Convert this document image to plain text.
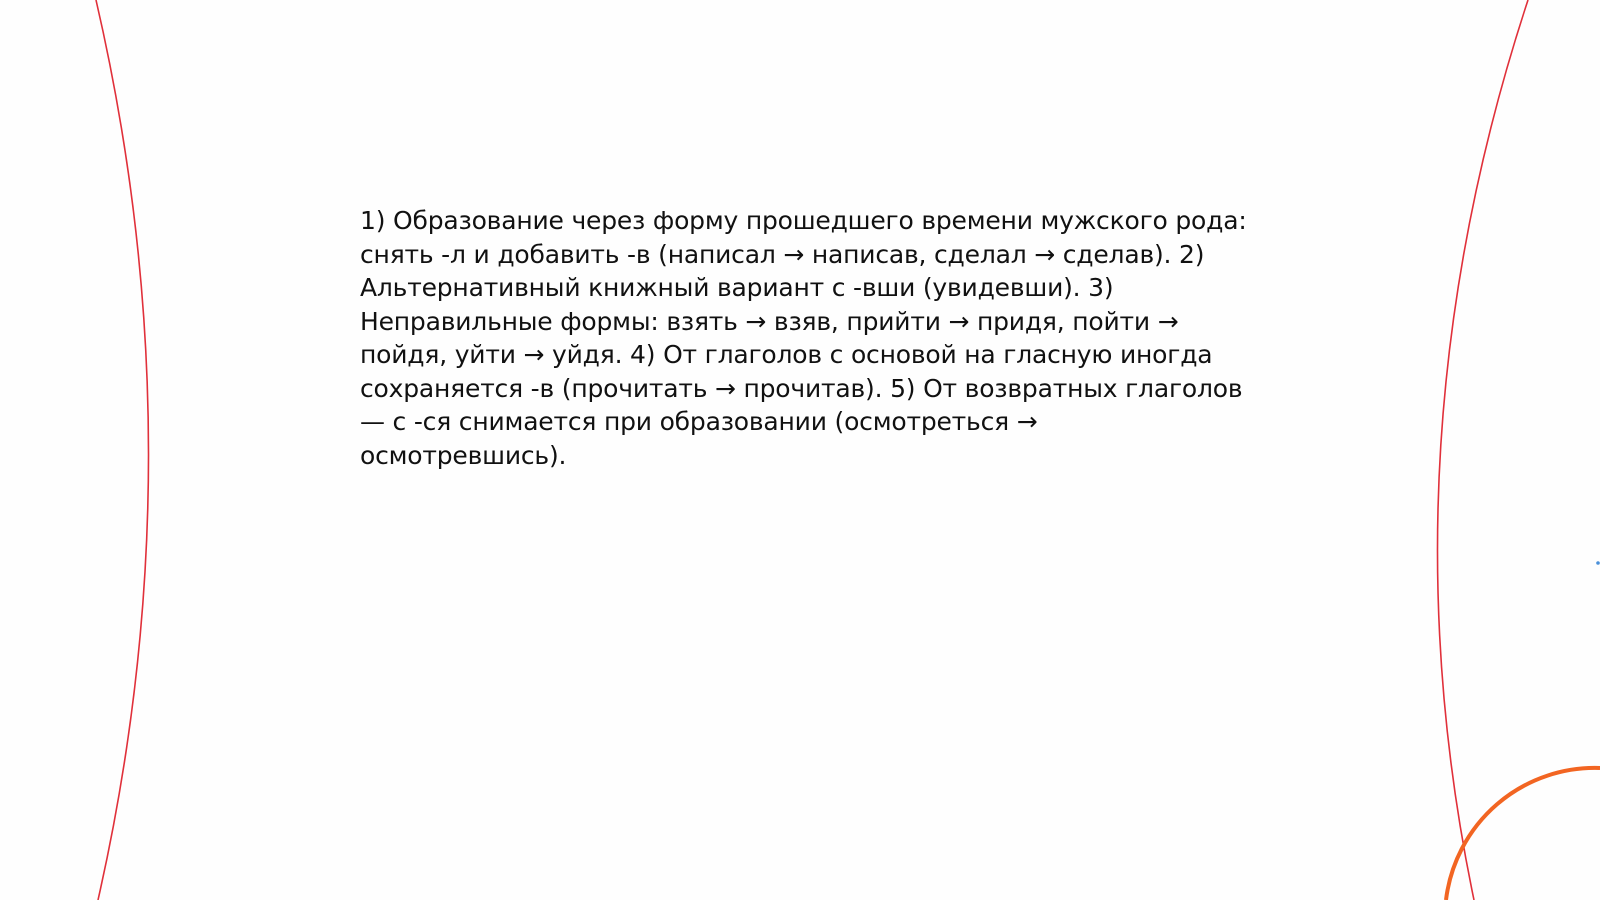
1) Образование через форму прошедшего времени мужского рода: снять -л и добавить -в (написал → написав, сделал → сделав). 2) Альтернативный книжный вариант с -вши (увидевши). 3) Неправильные формы: взять → взяв, прийти → придя, пойти → пойдя, уйти → уйдя. 4) От глаголов с основой на гласную иногда сохраняется -в (прочитать → прочитав). 5) От возвратных глаголов — с -ся снимается при образовании (осмотреться → осмотревшись).
